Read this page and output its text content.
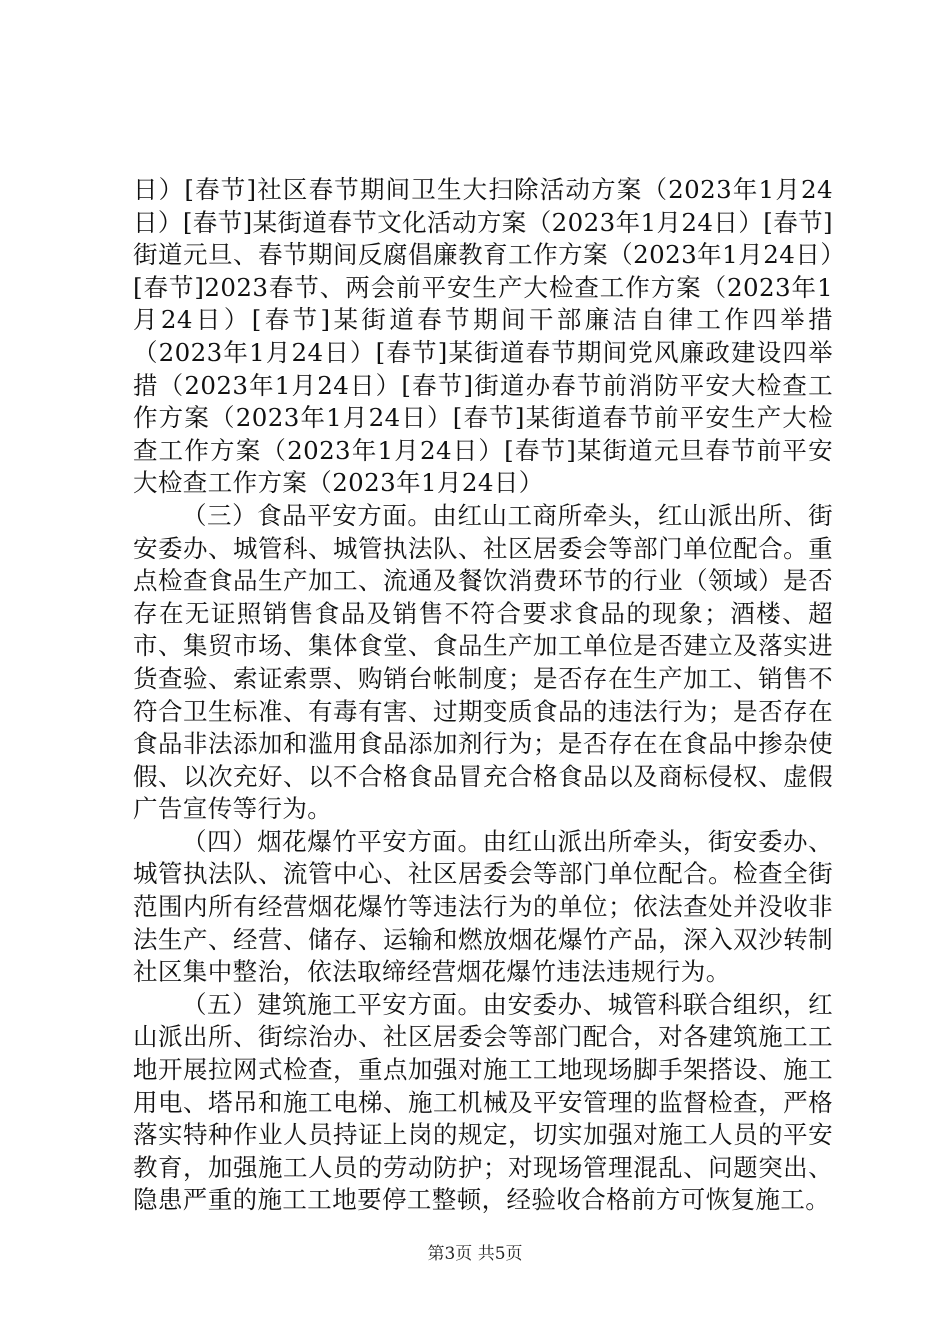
日）[春节]社区春节期间卫生大扫除活动方案（2023年1月24日）[春节]某街道春节文化活动方案（2023年1月24日）[春节]街道元旦、春节期间反腐倡廉教育工作方案（2023年1月24日）[春节]2023春节、两会前平安生产大检查工作方案（2023年1月24日）[春节]某街道春节期间干部廉洁自律工作四举措（2023年1月24日）[春节]某街道春节期间党风廉政建设四举措（2023年1月24日）[春节]街道办春节前消防平安大检查工作方案（2023年1月24日）[春节]某街道春节前平安生产大检查工作方案（2023年1月24日）[春节]某街道元旦春节前平安大检查工作方案（2023年1月24日）

（三）食品平安方面。由红山工商所牵头，红山派出所、街安委办、城管科、城管执法队、社区居委会等部门单位配合。重点检查食品生产加工、流通及餐饮消费环节的行业（领域）是否存在无证照销售食品及销售不符合要求食品的现象；酒楼、超市、集贸市场、集体食堂、食品生产加工单位是否建立及落实进货查验、索证索票、购销台帐制度；是否存在生产加工、销售不符合卫生标准、有毒有害、过期变质食品的违法行为；是否存在食品非法添加和滥用食品添加剂行为；是否存在在食品中掺杂使假、以次充好、以不合格食品冒充合格食品以及商标侵权、虚假广告宣传等行为。

（四）烟花爆竹平安方面。由红山派出所牵头，街安委办、城管执法队、流管中心、社区居委会等部门单位配合。检查全街范围内所有经营烟花爆竹等违法行为的单位；依法查处并没收非法生产、经营、储存、运输和燃放烟花爆竹产品，深入双沙转制社区集中整治，依法取缔经营烟花爆竹违法违规行为。

（五）建筑施工平安方面。由安委办、城管科联合组织，红山派出所、街综治办、社区居委会等部门配合，对各建筑施工工地开展拉网式检查，重点加强对施工工地现场脚手架搭设、施工用电、塔吊和施工电梯、施工机械及平安管理的监督检查，严格落实特种作业人员持证上岗的规定，切实加强对施工人员的平安教育，加强施工人员的劳动防护；对现场管理混乱、问题突出、隐患严重的施工工地要停工整顿，经验收合格前方可恢复施工。

第3页 共5页
